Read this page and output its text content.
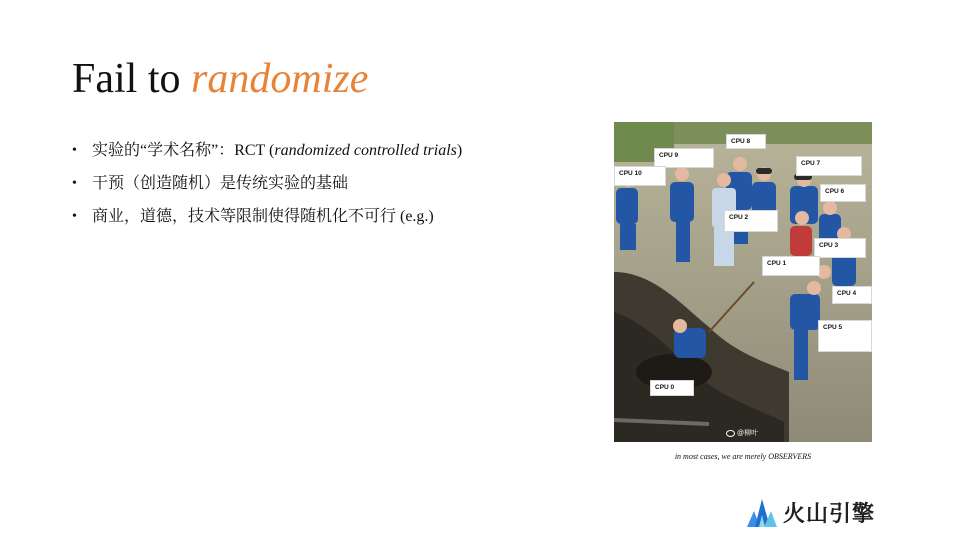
Fail to randomize
• 实验的“学术名称”：RCT (randomized controlled trials)
• 干预（创造随机）是传统实验的基础
• 商业，道德，技术等限制使得随机化不可行 (e.g.)
CPU 8
CPU 9
CPU 7
CPU 10
CPU 6
CPU 2
CPU 3
CPU 1
CPU 4
CPU 5
CPU 0
@柳叶
in most cases, we are merely OBSERVERS
火山引擎
